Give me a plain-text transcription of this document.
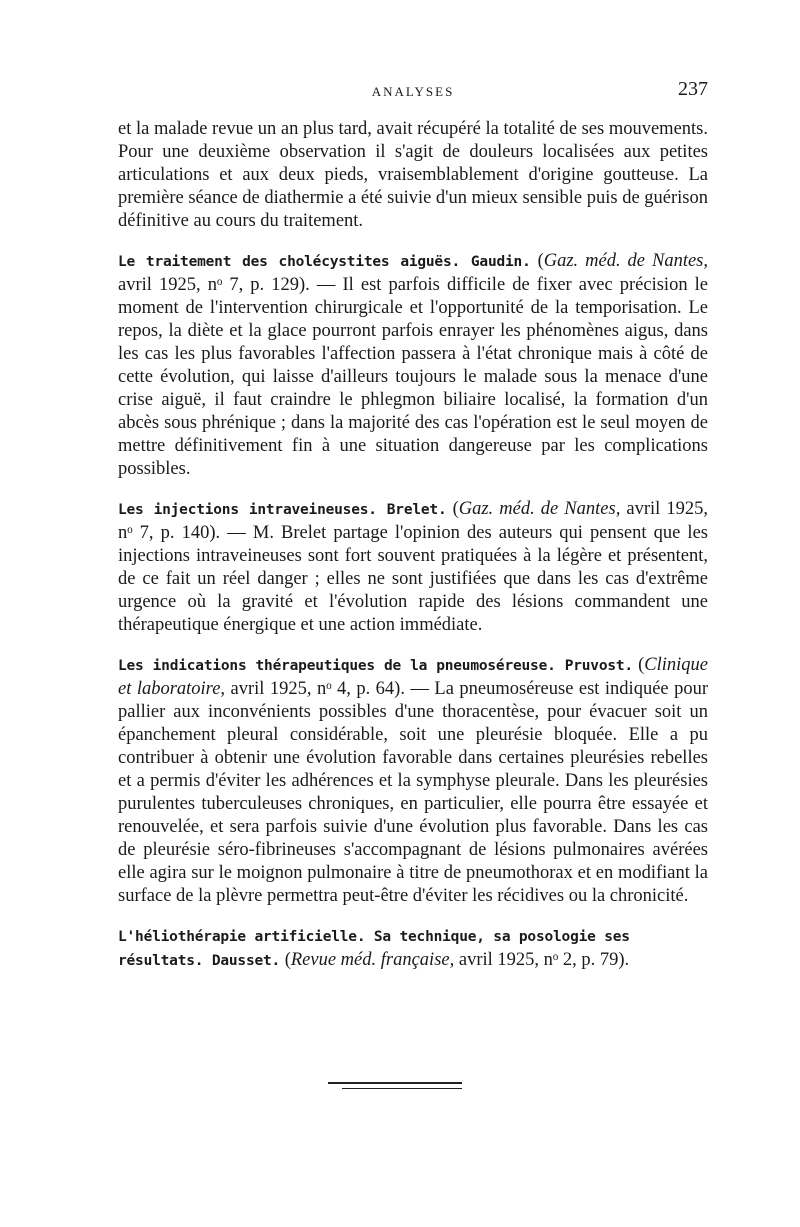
ANALYSES	237

et la malade revue un an plus tard, avait récupéré la totalité de ses mouvements. Pour une deuxième observation il s'agit de douleurs localisées aux petites articulations et aux deux pieds, vraisemblablement d'origine goutteuse. La première séance de diathermie a été suivie d'un mieux sensible puis de guérison définitive au cours du traitement.

Le traitement des cholécystites aiguës. Gaudin. (Gaz. méd. de Nantes, avril 1925, nᵒ 7, p. 129). — Il est parfois difficile de fixer avec précision le moment de l'intervention chirurgicale et l'opportunité de la temporisation. Le repos, la diète et la glace pourront parfois enrayer les phénomènes aigus, dans les cas les plus favorables l'affection passera à l'état chronique mais à côté de cette évolution, qui laisse d'ailleurs toujours le malade sous la menace d'une crise aiguë, il faut craindre le phlegmon biliaire localisé, la formation d'un abcès sous phrénique ; dans la majorité des cas l'opération est le seul moyen de mettre définitivement fin à une situation dangereuse par les complications possibles.

Les injections intraveineuses. Brelet. (Gaz. méd. de Nantes, avril 1925, nᵒ 7, p. 140). — M. Brelet partage l'opinion des auteurs qui pensent que les injections intraveineuses sont fort souvent pratiquées à la légère et présentent, de ce fait un réel danger ; elles ne sont justifiées que dans les cas d'extrême urgence où la gravité et l'évolution rapide des lésions commandent une thérapeutique énergique et une action immédiate.

Les indications thérapeutiques de la pneumoséreuse. Pruvost. (Clinique et laboratoire, avril 1925, nᵒ 4, p. 64). — La pneumoséreuse est indiquée pour pallier aux inconvénients possibles d'une thoracentèse, pour évacuer soit un épanchement pleural considérable, soit une pleurésie bloquée. Elle a pu contribuer à obtenir une évolution favorable dans certaines pleurésies rebelles et a permis d'éviter les adhérences et la symphyse pleurale. Dans les pleurésies purulentes tuberculeuses chroniques, en particulier, elle pourra être essayée et renouvelée, et sera parfois suivie d'une évolution plus favorable. Dans les cas de pleurésie séro-fibrineuses s'accompagnant de lésions pulmonaires avérées elle agira sur le moignon pulmonaire à titre de pneumothorax et en modifiant la surface de la plèvre permettra peut-être d'éviter les récidives ou la chronicité.

L'héliothérapie artificielle. Sa technique, sa posologie ses résultats. Dausset. (Revue méd. française, avril 1925, nᵒ 2, p. 79).
